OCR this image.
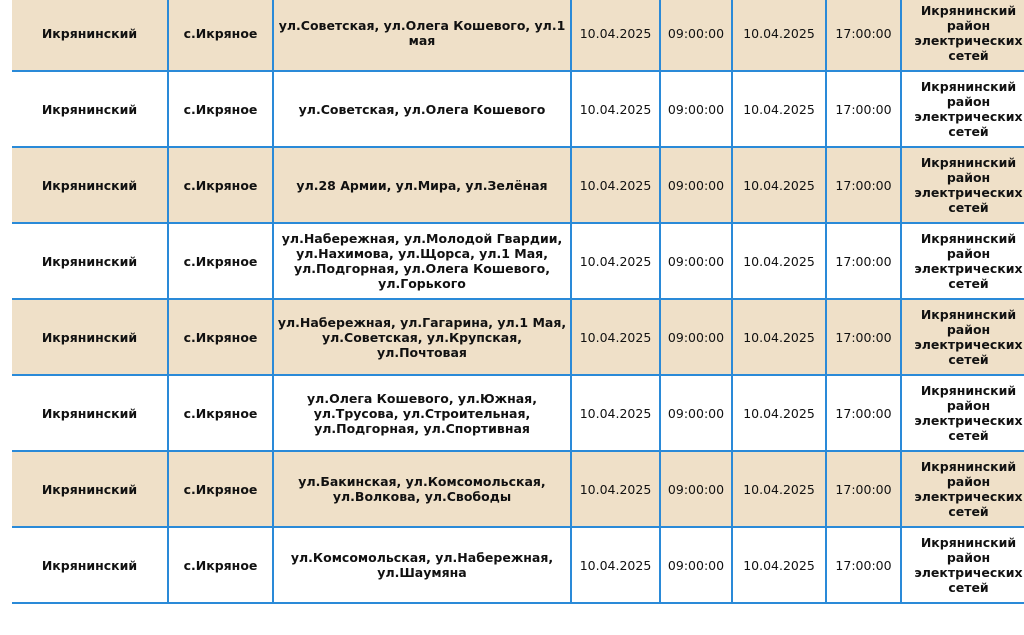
Икрянинский	с.Икряное	ул.Советская, ул.Олега Кошевого, ул.1 мая	10.04.2025	09:00:00	10.04.2025	17:00:00	Икрянинский район электрических сетей
Икрянинский	с.Икряное	ул.Советская, ул.Олега Кошевого	10.04.2025	09:00:00	10.04.2025	17:00:00	Икрянинский район электрических сетей
Икрянинский	с.Икряное	ул.28 Армии, ул.Мира, ул.Зелёная	10.04.2025	09:00:00	10.04.2025	17:00:00	Икрянинский район электрических сетей
Икрянинский	с.Икряное	ул.Набережная, ул.Молодой Гвардии, ул.Нахимова, ул.Щорса, ул.1 Мая, ул.Подгорная, ул.Олега Кошевого, ул.Горького	10.04.2025	09:00:00	10.04.2025	17:00:00	Икрянинский район электрических сетей
Икрянинский	с.Икряное	ул.Набережная, ул.Гагарина, ул.1 Мая, ул.Советская, ул.Крупская, ул.Почтовая	10.04.2025	09:00:00	10.04.2025	17:00:00	Икрянинский район электрических сетей
Икрянинский	с.Икряное	ул.Олега Кошевого, ул.Южная, ул.Трусова, ул.Строительная, ул.Подгорная, ул.Спортивная	10.04.2025	09:00:00	10.04.2025	17:00:00	Икрянинский район электрических сетей
Икрянинский	с.Икряное	ул.Бакинская, ул.Комсомольская, ул.Волкова, ул.Свободы	10.04.2025	09:00:00	10.04.2025	17:00:00	Икрянинский район электрических сетей
Икрянинский	с.Икряное	ул.Комсомольская, ул.Набережная, ул.Шаумяна	10.04.2025	09:00:00	10.04.2025	17:00:00	Икрянинский район электрических сетей
